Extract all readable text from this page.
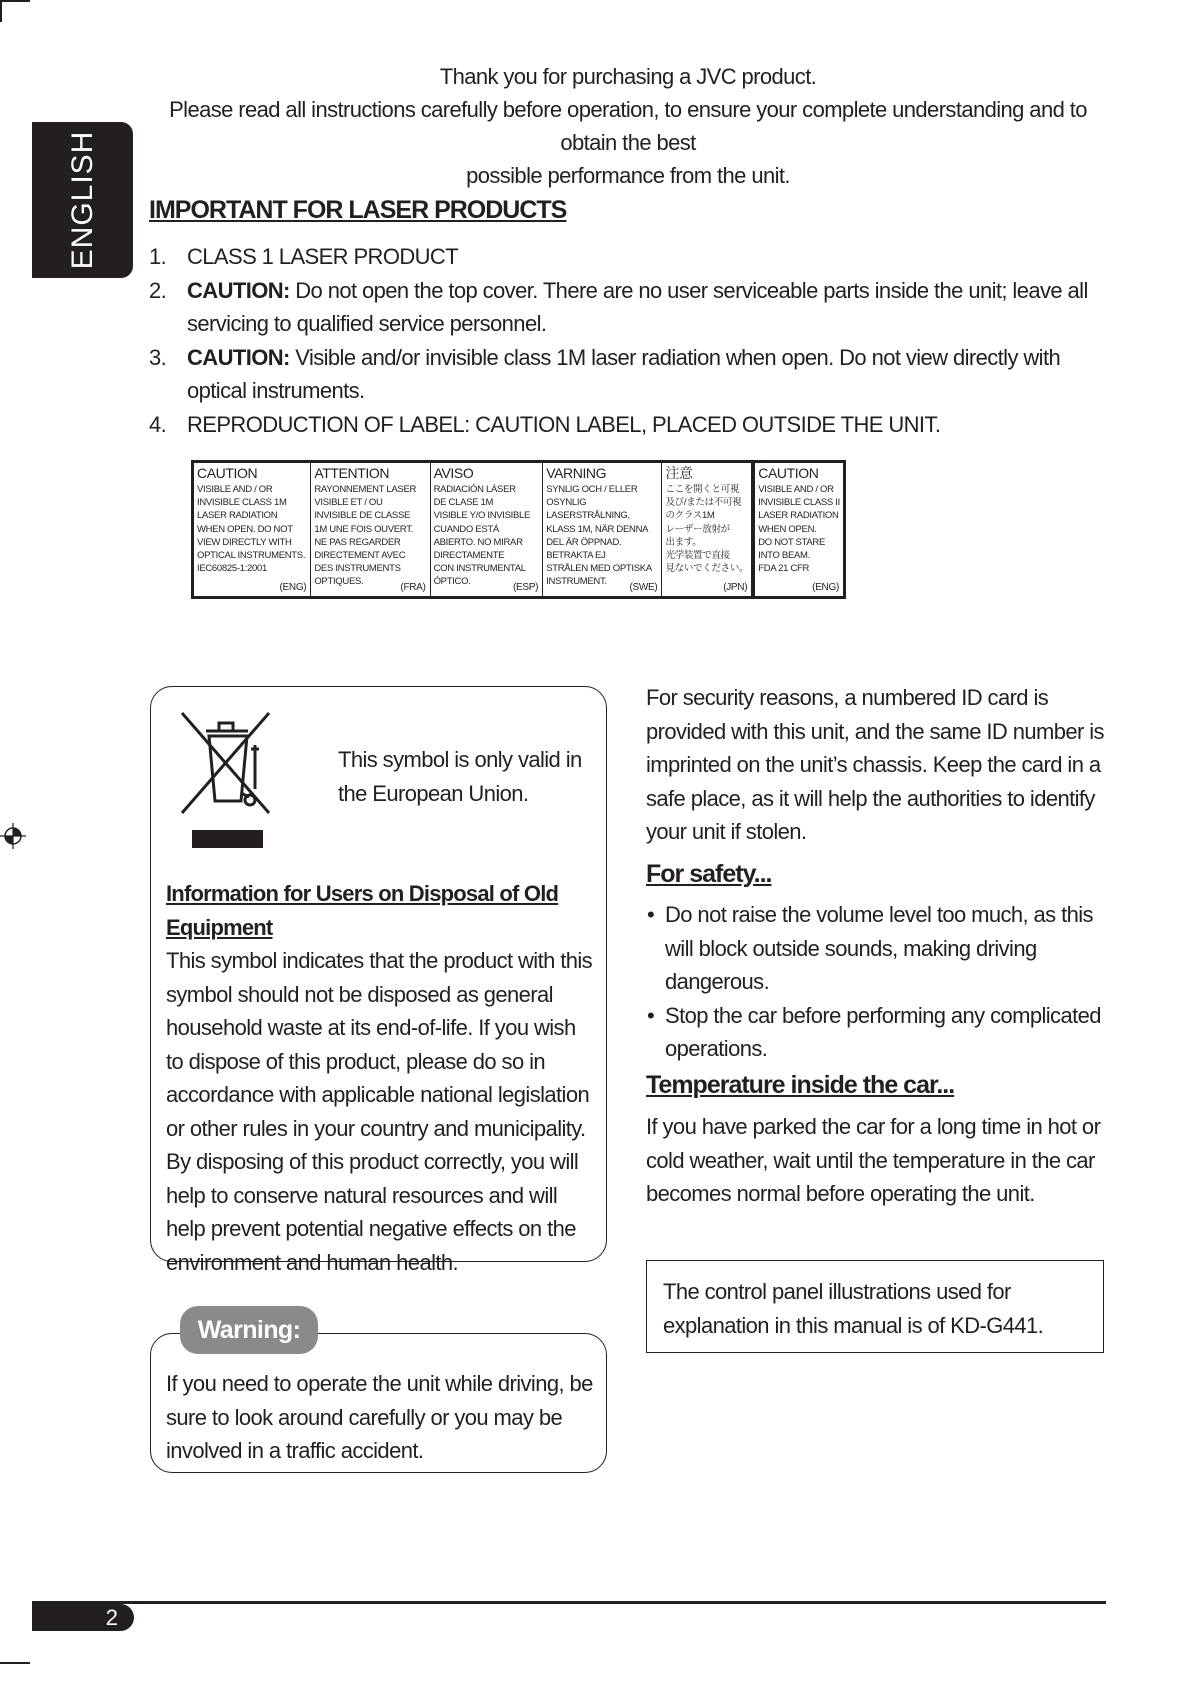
ENGLISH
Thank you for purchasing a JVC product.
Please read all instructions carefully before operation, to ensure your complete understanding and to obtain the best
possible performance from the unit.
IMPORTANT FOR LASER PRODUCTS
1. CLASS 1 LASER PRODUCT
2. CAUTION: Do not open the top cover. There are no user serviceable parts inside the unit; leave all servicing to qualified service personnel.
3. CAUTION: Visible and/or invisible class 1M laser radiation when open. Do not view directly with optical instruments.
4. REPRODUCTION OF LABEL: CAUTION LABEL, PLACED OUTSIDE THE UNIT.
CAUTION
VISIBLE AND / OR
INVISIBLE CLASS 1M
LASER RADIATION
WHEN OPEN. DO NOT
VIEW DIRECTLY WITH
OPTICAL INSTRUMENTS.
IEC60825-1:2001
(ENG)
ATTENTION
RAYONNEMENT LASER
VISIBLE ET / OU
INVISIBLE DE CLASSE
1M UNE FOIS OUVERT.
NE PAS REGARDER
DIRECTEMENT AVEC
DES INSTRUMENTS
OPTIQUES.	(FRA)
AVISO
RADIACIÓN LÁSER
DE CLASE 1M
VISIBLE Y/O INVISIBLE
CUANDO ESTÁ
ABIERTO. NO MIRAR
DIRECTAMENTE
CON INSTRUMENTAL
ÓPTICO.	(ESP)
VARNING
SYNLIG OCH / ELLER
OSYNLIG
LASERSTRÅLNING,
KLASS 1M, NÄR DENNA
DEL ÄR ÖPPNAD.
BETRAKTA EJ
STRÅLEN MED OPTISKA
INSTRUMENT.	(SWE)
注意
ここを開くと可視
及び/または不可視
のクラス1M
レーザー放射が
出ます。
光学装置で直接
見ないでください。
(JPN)
CAUTION
VISIBLE AND / OR
INVISIBLE CLASS II
LASER RADIATION
WHEN OPEN.
DO NOT STARE
INTO BEAM.
FDA 21 CFR
(ENG)
This symbol is only valid in the European Union.
Information for Users on Disposal of Old Equipment
This symbol indicates that the product with this symbol should not be disposed as general household waste at its end-of-life. If you wish to dispose of this product, please do so in accordance with applicable national legislation or other rules in your country and municipality. By disposing of this product correctly, you will help to conserve natural resources and will help prevent potential negative effects on the environment and human health.
If you need to operate the unit while driving, be sure to look around carefully or you may be involved in a traffic accident.
Warning:
For security reasons, a numbered ID card is provided with this unit, and the same ID number is imprinted on the unit’s chassis. Keep the card in a safe place, as it will help the authorities to identify your unit if stolen.
For safety...
• Do not raise the volume level too much, as this will block outside sounds, making driving dangerous.
• Stop the car before performing any complicated operations.
Temperature inside the car...
If you have parked the car for a long time in hot or cold weather, wait until the temperature in the car becomes normal before operating the unit.
The control panel illustrations used for explanation in this manual is of KD-G441.
2
